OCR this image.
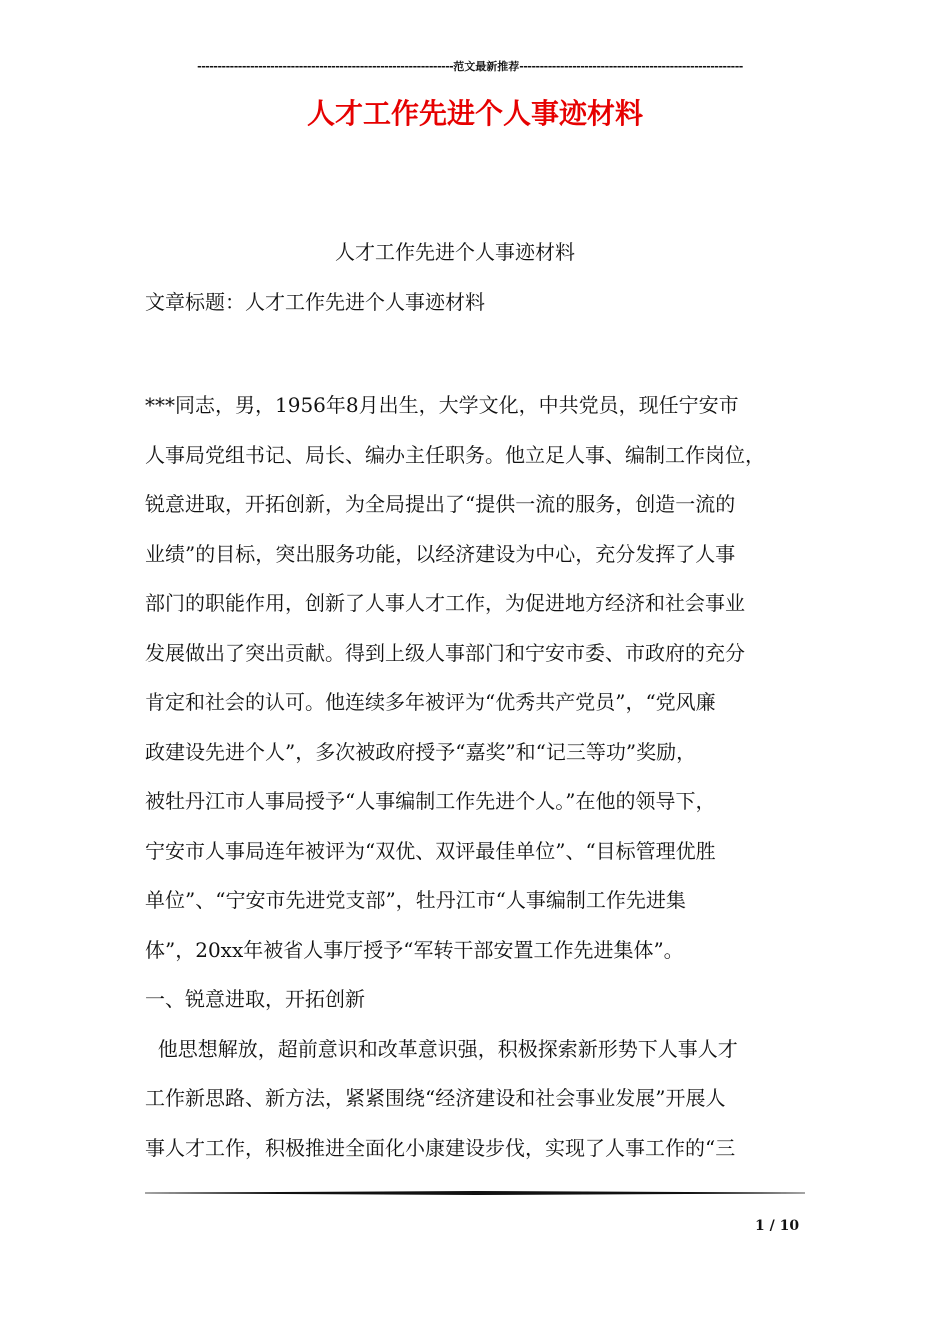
---------------------------------------------------------------范文最新推荐-------------------------------------------------------
人才工作先进个人事迹材料

人才工作先进个人事迹材料

文章标题：人才工作先进个人事迹材料

***同志，男，1956年8月出生，大学文化，中共党员，现任宁安市

人事局党组书记、局长、编办主任职务。他立足人事、编制工作岗位，

锐意进取，开拓创新，为全局提出了“提供一流的服务，创造一流的

业绩”的目标，突出服务功能，以经济建设为中心，充分发挥了人事

部门的职能作用，创新了人事人才工作，为促进地方经济和社会事业

发展做出了突出贡献。得到上级人事部门和宁安市委、市政府的充分

肯定和社会的认可。他连续多年被评为“优秀共产党员”，“党风廉

政建设先进个人”，多次被政府授予“嘉奖”和“记三等功”奖励，

被牡丹江市人事局授予“人事编制工作先进个人。”在他的领导下，

宁安市人事局连年被评为“双优、双评最佳单位”、“目标管理优胜

单位”、“宁安市先进党支部”，牡丹江市“人事编制工作先进集

体”，20xx年被省人事厅授予“军转干部安置工作先进集体”。

一、锐意进取，开拓创新

他思想解放，超前意识和改革意识强，积极探索新形势下人事人才

工作新思路、新方法，紧紧围绕“经济建设和社会事业发展”开展人

事人才工作，积极推进全面化小康建设步伐，实现了人事工作的“三

1 / 10
